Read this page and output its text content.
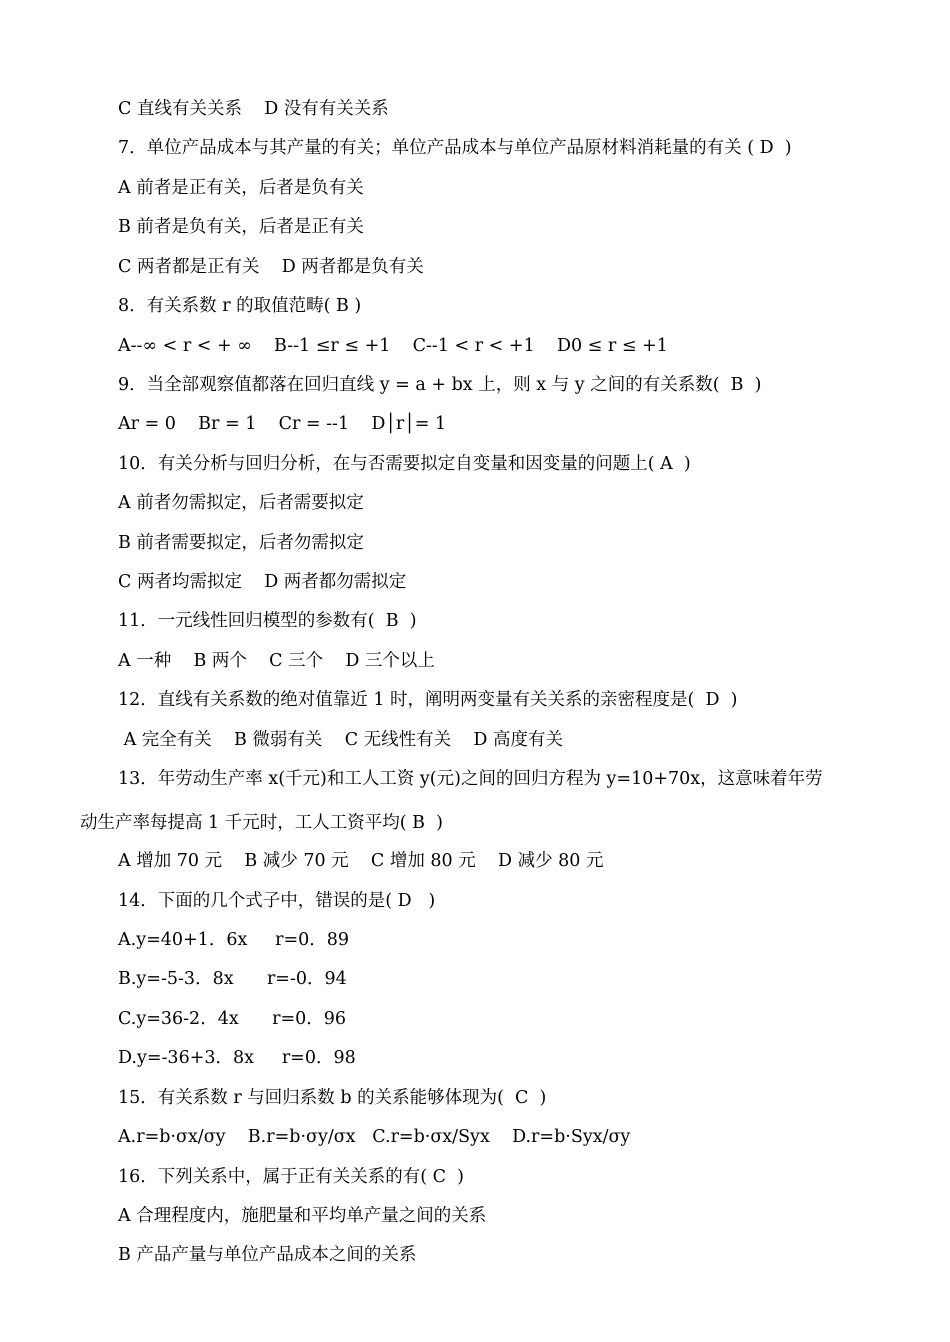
C 直线有关关系    D 没有有关关系
7．单位产品成本与其产量的有关；单位产品成本与单位产品原材料消耗量的有关 ( D  )
A 前者是正有关，后者是负有关
B 前者是负有关，后者是正有关
C 两者都是正有关    D 两者都是负有关
8．有关系数 r 的取值范畴( B )
A--∞ < r < + ∞    B--1 ≤r ≤ +1    C--1 < r < +1    D0 ≤ r ≤ +1
9．当全部观察值都落在回归直线 y = a + bx 上，则 x 与 y 之间的有关系数(  B  )
Ar = 0    Br = 1    Cr = --1    D│r│= 1
10．有关分析与回归分析，在与否需要拟定自变量和因变量的问题上( A  )
A 前者勿需拟定，后者需要拟定
B 前者需要拟定，后者勿需拟定
C 两者均需拟定    D 两者都勿需拟定
11．一元线性回归模型的参数有(  B  )
A 一种    B 两个    C 三个    D 三个以上
12．直线有关系数的绝对值靠近 1 时，阐明两变量有关关系的亲密程度是(  D  )
A 完全有关    B 微弱有关    C 无线性有关    D 高度有关
13．年劳动生产率 x(千元)和工人工资 y(元)之间的回归方程为 y=10+70x，这意味着年劳
动生产率每提高 1 千元时，工人工资平均( B  )
A 增加 70 元    B 减少 70 元    C 增加 80 元    D 减少 80 元
14．下面的几个式子中，错误的是( D   )
A.y=40+1．6x     r=0．89
B.y=-5-3．8x      r=-0．94
C.y=36-2．4x      r=0．96
D.y=-36+3．8x     r=0．98
15．有关系数 r 与回归系数 b 的关系能够体现为(  C  )
A.r=b·σx/σy    B.r=b·σy/σx   C.r=b·σx/Syx    D.r=b·Syx/σy
16．下列关系中，属于正有关关系的有( C  )
A 合理程度内，施肥量和平均单产量之间的关系
B 产品产量与单位产品成本之间的关系
